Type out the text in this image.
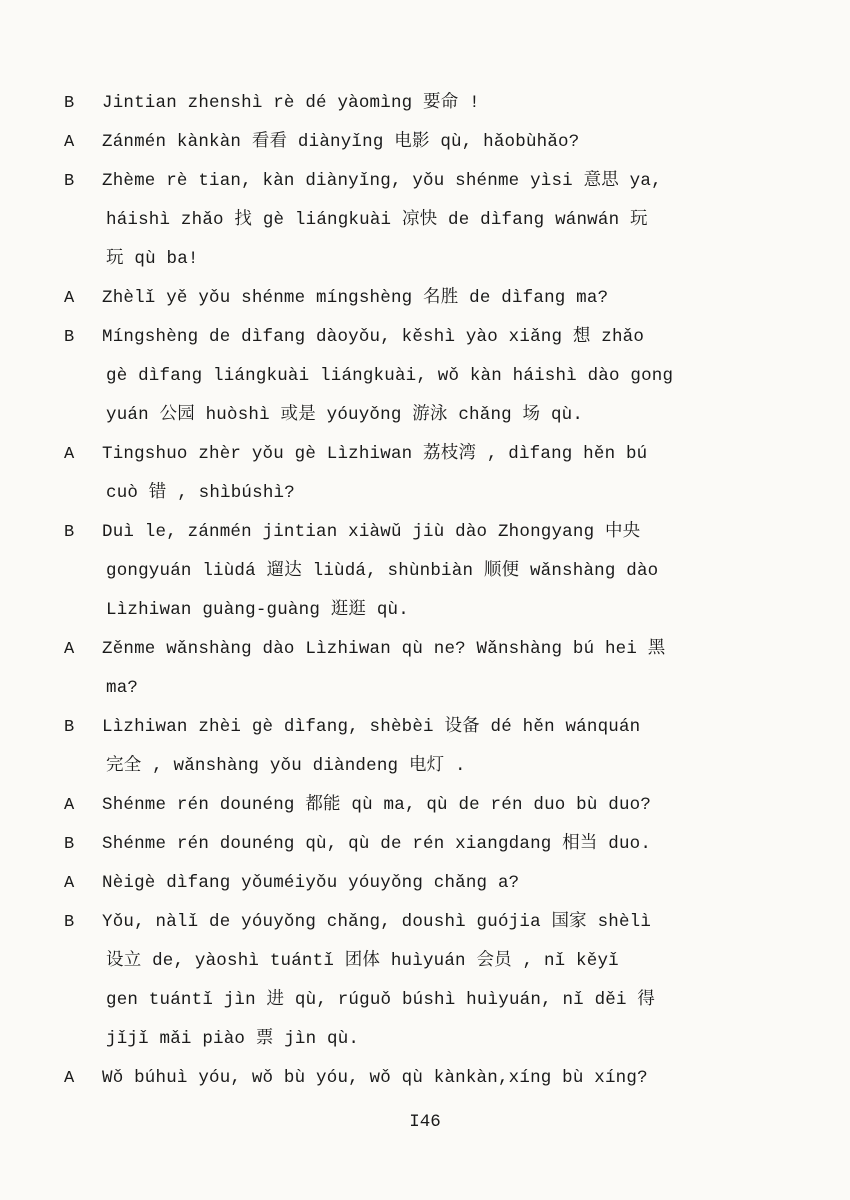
B Jintian zhenshì rè dé yàomìng 要命 !
A Zánmén kànkàn 看看 diànyǐng 电影 qù, hǎobùhǎo?
B Zhème rè tian, kàn diànyǐng, yǒu shénme yìsi 意思 ya,
háishì zhǎo 找 gè liángkuài 凉快 de dìfang wánwán 玩
玩 qù ba!
A Zhèlǐ yě yǒu shénme míngshèng 名胜 de dìfang ma?
B Míngshèng de dìfang dàoyǒu, kěshì yào xiǎng 想 zhǎo
gè dìfang liángkuài liángkuài, wǒ kàn háishì dào gong
yuán 公园 huòshì 或是 yóuyǒng 游泳 chǎng 场 qù.
A Tingshuo zhèr yǒu gè Lìzhiwan 荔枝湾 , dìfang hěn bú
cuò 错 , shìbúshì?
B Duì le, zánmén jintian xiàwǔ jiù dào Zhongyang 中央
gongyuán liùdá 遛达 liùdá, shùnbiàn 顺便 wǎnshàng dào
Lìzhiwan guàng-guàng 逛逛 qù.
A Zěnme wǎnshàng dào Lìzhiwan qù ne? Wǎnshàng bú hei 黑
ma?
B Lìzhiwan zhèi gè dìfang, shèbèi 设备 dé hěn wánquán
完全 , wǎnshàng yǒu diàndeng 电灯 .
A Shénme rén dounéng 都能 qù ma, qù de rén duo bù duo?
B Shénme rén dounéng qù, qù de rén xiangdang 相当 duo.
A Nèigè dìfang yǒuméiyǒu yóuyǒng chǎng a?
B Yǒu, nàlǐ de yóuyǒng chǎng, doushì guójia 国家 shèlì
设立 de, yàoshì tuántǐ 团体 huìyuán 会员 , nǐ kěyǐ
gen tuántǐ jìn 进 qù, rúguǒ búshì huìyuán, nǐ děi 得
jǐjǐ mǎi piào 票 jìn qù.
A Wǒ búhuì yóu, wǒ bù yóu, wǒ qù kànkàn,xíng bù xíng?
I46
